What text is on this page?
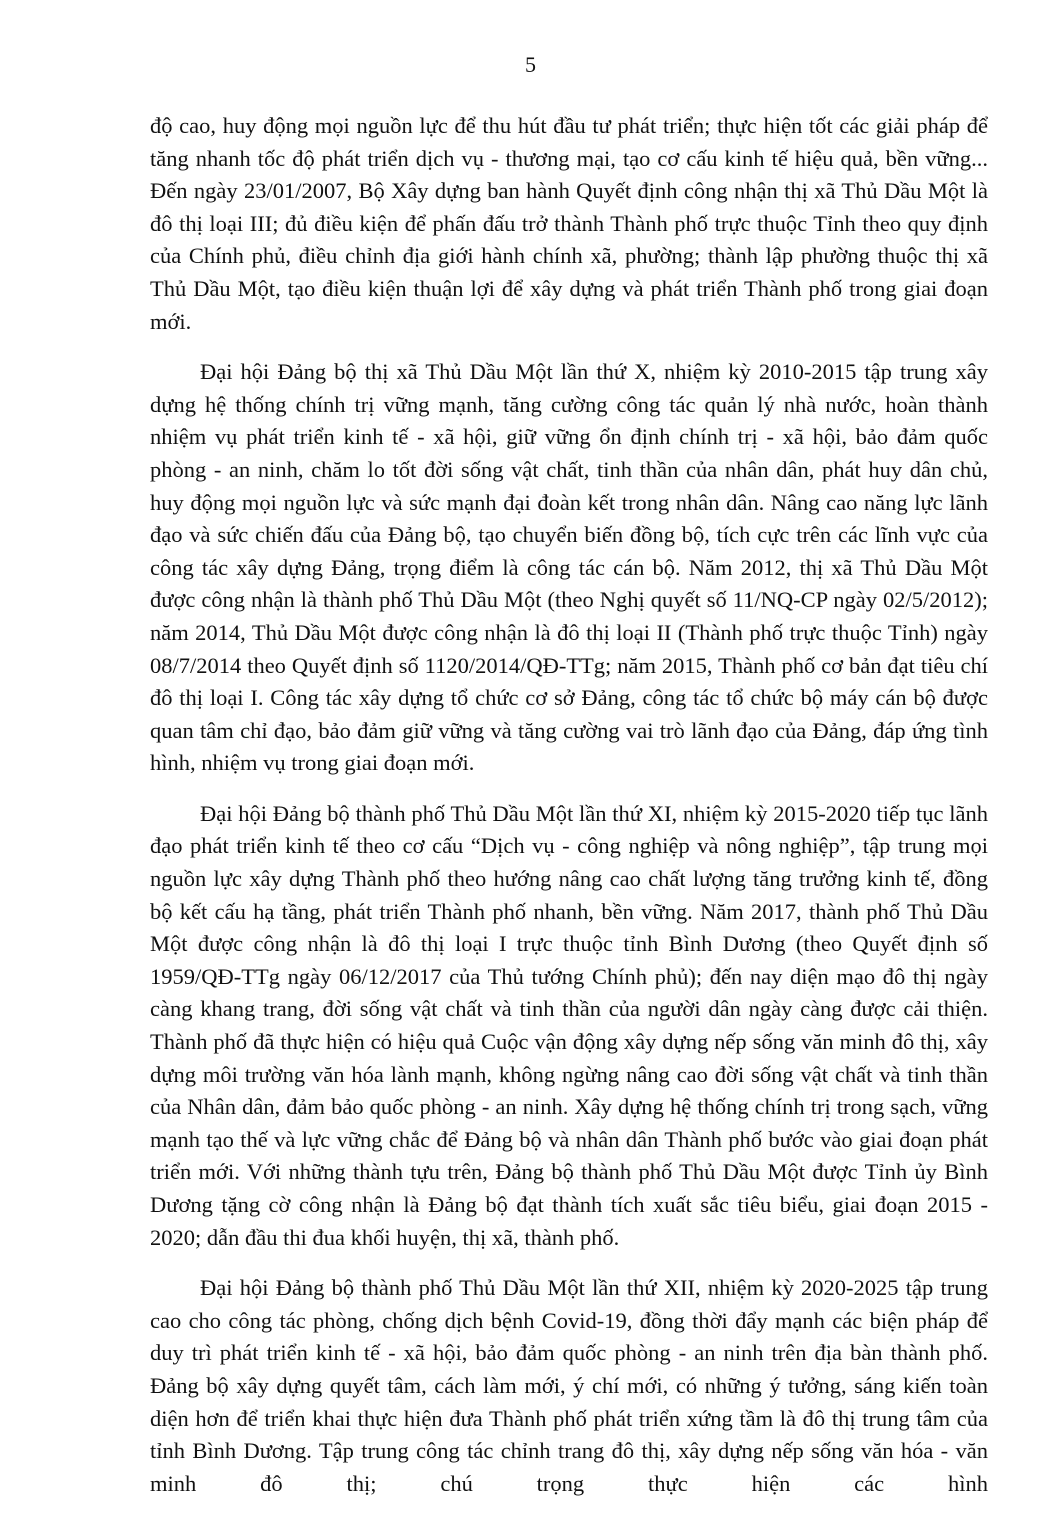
5

độ cao, huy động mọi nguồn lực để thu hút đầu tư phát triển; thực hiện tốt các giải pháp để tăng nhanh tốc độ phát triển dịch vụ - thương mại, tạo cơ cấu kinh tế hiệu quả, bền vững... Đến ngày 23/01/2007, Bộ Xây dựng ban hành Quyết định công nhận thị xã Thủ Dầu Một là đô thị loại III; đủ điều kiện để phấn đấu trở thành Thành phố trực thuộc Tỉnh theo quy định của Chính phủ, điều chỉnh địa giới hành chính xã, phường; thành lập phường thuộc thị xã Thủ Dầu Một, tạo điều kiện thuận lợi để xây dựng và phát triển Thành phố trong giai đoạn mới.

Đại hội Đảng bộ thị xã Thủ Dầu Một lần thứ X, nhiệm kỳ 2010-2015 tập trung xây dựng hệ thống chính trị vững mạnh, tăng cường công tác quản lý nhà nước, hoàn thành nhiệm vụ phát triển kinh tế - xã hội, giữ vững ổn định chính trị - xã hội, bảo đảm quốc phòng - an ninh, chăm lo tốt đời sống vật chất, tinh thần của nhân dân, phát huy dân chủ, huy động mọi nguồn lực và sức mạnh đại đoàn kết trong nhân dân. Nâng cao năng lực lãnh đạo và sức chiến đấu của Đảng bộ, tạo chuyển biến đồng bộ, tích cực trên các lĩnh vực của công tác xây dựng Đảng, trọng điểm là công tác cán bộ. Năm 2012, thị xã Thủ Dầu Một được công nhận là thành phố Thủ Dầu Một (theo Nghị quyết số 11/NQ-CP ngày 02/5/2012); năm 2014, Thủ Dầu Một được công nhận là đô thị loại II (Thành phố trực thuộc Tỉnh) ngày 08/7/2014 theo Quyết định số 1120/2014/QĐ-TTg; năm 2015, Thành phố cơ bản đạt tiêu chí đô thị loại I. Công tác xây dựng tổ chức cơ sở Đảng, công tác tổ chức bộ máy cán bộ được quan tâm chỉ đạo, bảo đảm giữ vững và tăng cường vai trò lãnh đạo của Đảng, đáp ứng tình hình, nhiệm vụ trong giai đoạn mới.

Đại hội Đảng bộ thành phố Thủ Dầu Một lần thứ XI, nhiệm kỳ 2015-2020 tiếp tục lãnh đạo phát triển kinh tế theo cơ cấu “Dịch vụ - công nghiệp và nông nghiệp”, tập trung mọi nguồn lực xây dựng Thành phố theo hướng nâng cao chất lượng tăng trưởng kinh tế, đồng bộ kết cấu hạ tầng, phát triển Thành phố nhanh, bền vững. Năm 2017, thành phố Thủ Dầu Một được công nhận là đô thị loại I trực thuộc tỉnh Bình Dương (theo Quyết định số 1959/QĐ-TTg ngày 06/12/2017 của Thủ tướng Chính phủ); đến nay diện mạo đô thị ngày càng khang trang, đời sống vật chất và tinh thần của người dân ngày càng được cải thiện. Thành phố đã thực hiện có hiệu quả Cuộc vận động xây dựng nếp sống văn minh đô thị, xây dựng môi trường văn hóa lành mạnh, không ngừng nâng cao đời sống vật chất và tinh thần của Nhân dân, đảm bảo quốc phòng - an ninh. Xây dựng hệ thống chính trị trong sạch, vững mạnh tạo thế và lực vững chắc để Đảng bộ và nhân dân Thành phố bước vào giai đoạn phát triển mới. Với những thành tựu trên, Đảng bộ thành phố Thủ Dầu Một được Tỉnh ủy Bình Dương tặng cờ công nhận là Đảng bộ đạt thành tích xuất sắc tiêu biểu, giai đoạn 2015 - 2020; dẫn đầu thi đua khối huyện, thị xã, thành phố.

Đại hội Đảng bộ thành phố Thủ Dầu Một lần thứ XII, nhiệm kỳ 2020-2025 tập trung cao cho công tác phòng, chống dịch bệnh Covid-19, đồng thời đẩy mạnh các biện pháp để duy trì phát triển kinh tế - xã hội, bảo đảm quốc phòng - an ninh trên địa bàn thành phố. Đảng bộ xây dựng quyết tâm, cách làm mới, ý chí mới, có những ý tưởng, sáng kiến toàn diện hơn để triển khai thực hiện đưa Thành phố phát triển xứng tầm là đô thị trung tâm của tỉnh Bình Dương. Tập trung công tác chỉnh trang đô thị, xây dựng nếp sống văn hóa - văn minh đô thị; chú trọng thực hiện các hình
